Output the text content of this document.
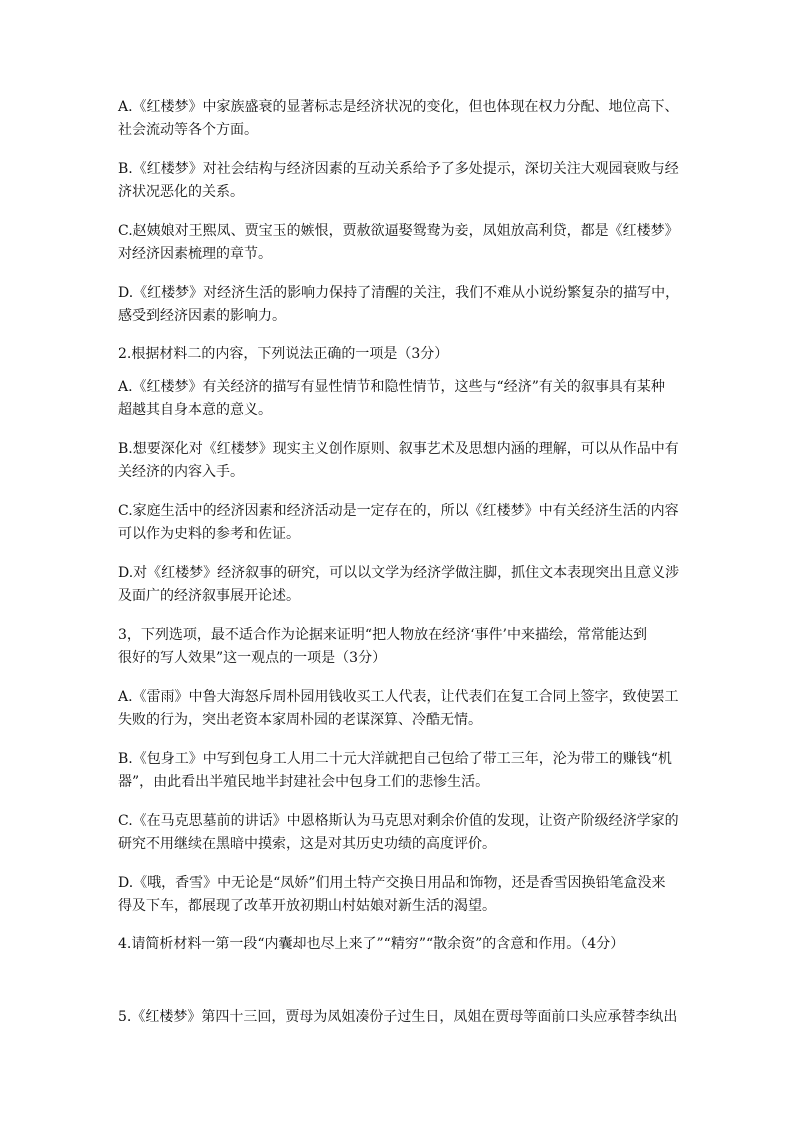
A.《红楼梦》中家族盛衰的显著标志是经济状况的变化，但也体现在权力分配、地位高下、
社会流动等各个方面。
B.《红楼梦》对社会结构与经济因素的互动关系给予了多处提示，深切关注大观园衰败与经
济状况恶化的关系。
C.赵姨娘对王熙凤、贾宝玉的嫉恨，贾赦欲逼娶鸳鸯为妾，凤姐放高利贷，都是《红楼梦》
对经济因素梳理的章节。
D.《红楼梦》对经济生活的影响力保持了清醒的关注，我们不难从小说纷繁复杂的描写中，
感受到经济因素的影响力。
2.根据材料二的内容，下列说法正确的一项是（3分）
A.《红楼梦》有关经济的描写有显性情节和隐性情节，这些与“经济”有关的叙事具有某种
超越其自身本意的意义。
B.想要深化对《红楼梦》现实主义创作原则、叙事艺术及思想内涵的理解，可以从作品中有
关经济的内容入手。
C.家庭生活中的经济因素和经济活动是一定存在的，所以《红楼梦》中有关经济生活的内容
可以作为史料的参考和佐证。
D.对《红楼梦》经济叙事的研究，可以以文学为经济学做注脚，抓住文本表现突出且意义涉
及面广的经济叙事展开论述。
3，下列选项，最不适合作为论据来证明“把人物放在经济‘事件’中来描绘，常常能达到
很好的写人效果”这一观点的一项是（3分）
A.《雷雨》中鲁大海怒斥周朴园用钱收买工人代表，让代表们在复工合同上签字，致使罢工
失败的行为，突出老资本家周朴园的老谋深算、冷酷无情。
B.《包身工》中写到包身工人用二十元大洋就把自己包给了带工三年，沦为带工的赚钱“机
器”，由此看出半殖民地半封建社会中包身工们的悲惨生活。
C.《在马克思墓前的讲话》中恩格斯认为马克思对剩余价值的发现，让资产阶级经济学家的
研究不用继续在黑暗中摸索，这是对其历史功绩的高度评价。
D.《哦，香雪》中无论是“凤娇”们用土特产交换日用品和饰物，还是香雪因换铅笔盒没来
得及下车，都展现了改革开放初期山村姑娘对新生活的渴望。
4.请简析材料一第一段“内囊却也尽上来了”“精穷”“散余资”的含意和作用。（4分）
5.《红楼梦》第四十三回，贾母为凤姐凑份子过生日，凤姐在贾母等面前口头应承替李纨出
